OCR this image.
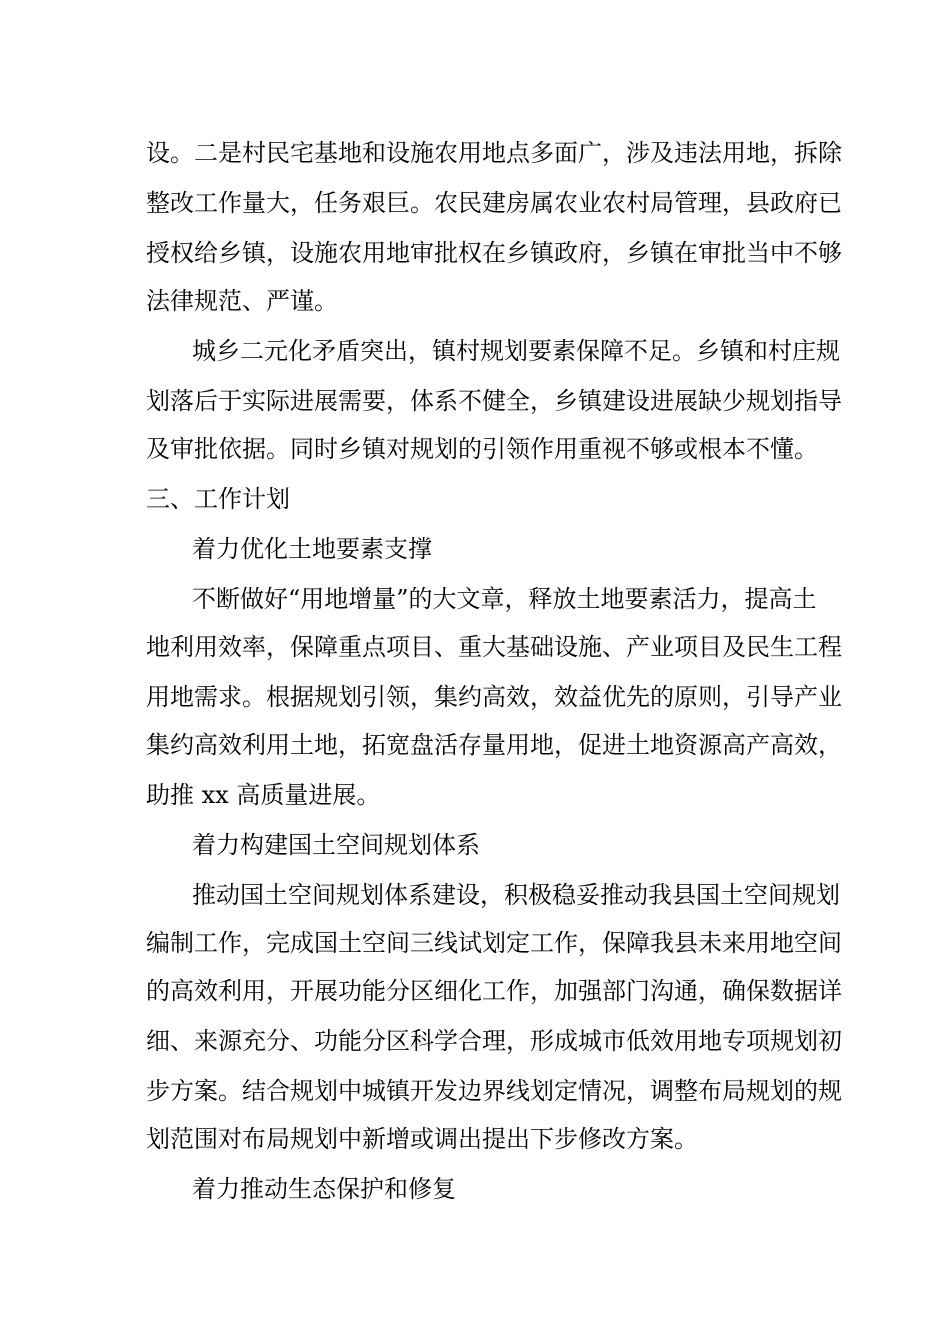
设。二是村民宅基地和设施农用地点多面广，涉及违法用地，拆除
整改工作量大，任务艰巨。农民建房属农业农村局管理，县政府已
授权给乡镇，设施农用地审批权在乡镇政府，乡镇在审批当中不够
法律规范、严谨。
城乡二元化矛盾突出，镇村规划要素保障不足。乡镇和村庄规
划落后于实际进展需要，体系不健全，乡镇建设进展缺少规划指导
及审批依据。同时乡镇对规划的引领作用重视不够或根本不懂。
三、工作计划
着力优化土地要素支撑
不断做好“用地增量”的大文章，释放土地要素活力，提高土
地利用效率，保障重点项目、重大基础设施、产业项目及民生工程
用地需求。根据规划引领，集约高效，效益优先的原则，引导产业
集约高效利用土地，拓宽盘活存量用地，促进土地资源高产高效，
助推 xx 高质量进展。
着力构建国土空间规划体系
推动国土空间规划体系建设，积极稳妥推动我县国土空间规划
编制工作，完成国土空间三线试划定工作，保障我县未来用地空间
的高效利用，开展功能分区细化工作，加强部门沟通，确保数据详
细、来源充分、功能分区科学合理，形成城市低效用地专项规划初
步方案。结合规划中城镇开发边界线划定情况，调整布局规划的规
划范围对布局规划中新增或调出提出下步修改方案。
着力推动生态保护和修复
